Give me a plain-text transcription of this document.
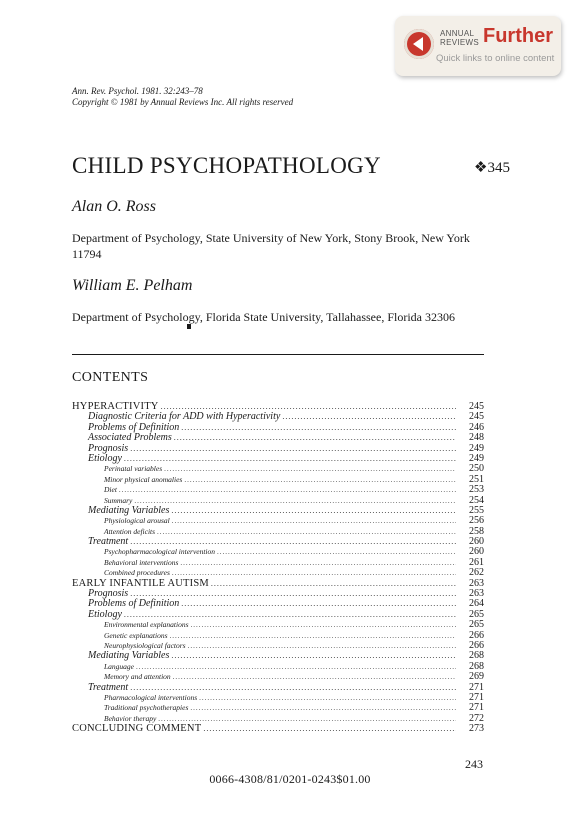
ANNUAL
REVIEWS Further
Quick links to online content
Ann. Rev. Psychol. 1981. 32:243–78
Copyright © 1981 by Annual Reviews Inc. All rights reserved
CHILD PSYCHOPATHOLOGY	❖345
Alan O. Ross
Department of Psychology, State University of New York, Stony Brook, New York 11794
William E. Pelham
Department of Psychology, Florida State University, Tallahassee, Florida 32306
CONTENTS
HYPERACTIVITY .....	245
Diagnostic Criteria for ADD with Hyperactivity .....	245
Problems of Definition .....	246
Associated Problems .....	248
Prognosis .....	249
Etiology .....	249
Perinatal variables .....	250
Minor physical anomalies .....	251
Diet .....	253
Summary .....	254
Mediating Variables .....	255
Physiological arousal .....	256
Attention deficits .....	258
Treatment .....	260
Psychopharmacological intervention .....	260
Behavioral interventions .....	261
Combined procedures .....	262
EARLY INFANTILE AUTISM .....	263
Prognosis .....	263
Problems of Definition .....	264
Etiology .....	265
Environmental explanations .....	265
Genetic explanations .....	266
Neurophysiological factors .....	266
Mediating Variables .....	268
Language .....	268
Memory and attention .....	269
Treatment .....	271
Pharmacological interventions .....	271
Traditional psychotherapies .....	271
Behavior therapy .....	272
CONCLUDING COMMENT .....	273
243
0066-4308/81/0201-0243$01.00
